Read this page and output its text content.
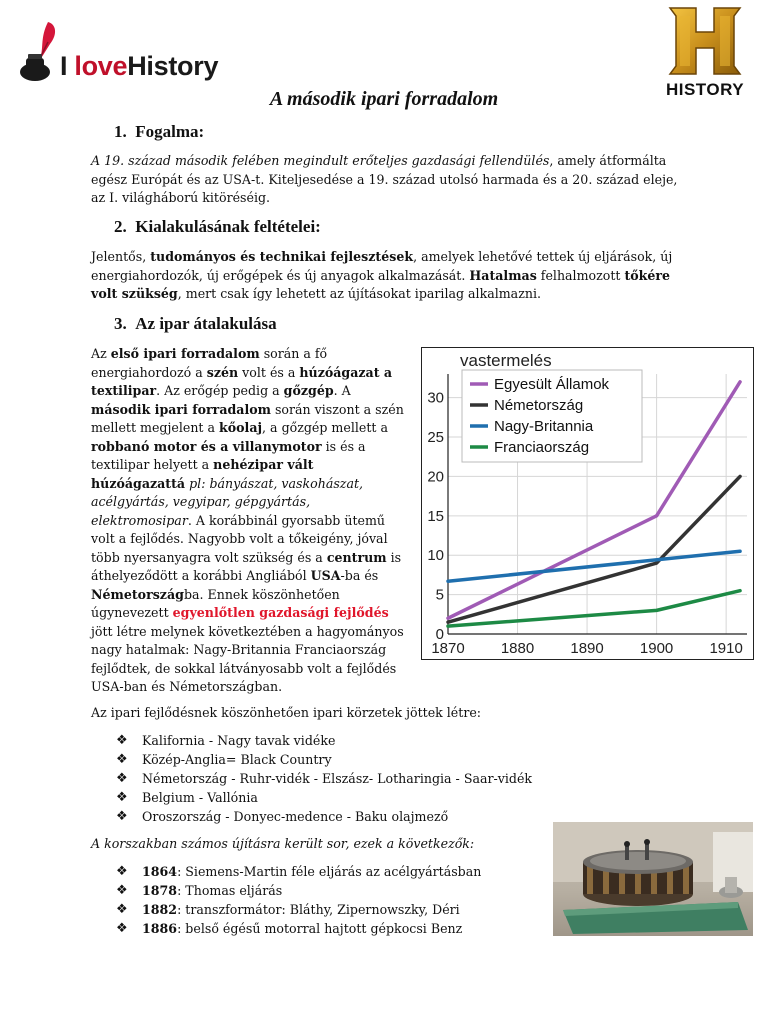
I loveHistory
HISTORY
A második ipari forradalom
1. Fogalma:
A 19. század második felében megindult erőteljes gazdasági fellendülés, amely átformálta egész Európát és az USA-t. Kiteljesedése a 19. század utolsó harmada és a 20. század eleje, az I. világháború kitöréséig.
2. Kialakulásának feltételei:
Jelentős, tudományos és technikai fejlesztések, amelyek lehetővé tettek új eljárások, új energiahordozók, új erőgépek és új anyagok alkalmazását. Hatalmas felhalmozott tőkére volt szükség, mert csak így lehetett az újításokat iparilag alkalmazni.
3. Az ipar átalakulása
Az első ipari forradalom során a fő energiahordozó a szén volt és a húzóágazat a textilipar. Az erőgép pedig a gőzgép. A második ipari forradalom során viszont a szén mellett megjelent a kőolaj, a gőzgép mellett a robbanó motor és a villanymotor is és a textilipar helyett a nehézipar vált húzóágazattá pl: bányászat, vaskohászat, acélgyártás, vegyipar, gépgyártás, elektromosipar. A korábbinál gyorsabb ütemű volt a fejlődés. Nagyobb volt a tőkeigény, jóval több nyersanyagra volt szükség és a centrum is áthelyeződött a korábbi Angliából USA-ba és Németországba. Ennek köszönhetően úgynevezett egyenlőtlen gazdasági fejlődés jött létre melynek következtében a hagyományos nagy hatalmak: Nagy-Britannia Franciaország fejlődtek, de sokkal látványosabb volt a fejlődés USA-ban és Németországban.
0
5
10
15
20
25
30
1870 1880 1890 1900 1910
Egyesült Államok
Németország
Nagy-Britannia
Franciaország
vastermelés
Az ipari fejlődésnek köszönhetően ipari körzetek jöttek létre:
❖ Kalifornia - Nagy tavak vidéke
❖ Közép-Anglia= Black Country
❖ Németország - Ruhr-vidék - Elszász- Lotharingia - Saar-vidék
❖ Belgium - Vallónia
❖ Oroszország - Donyec-medence - Baku olajmező
A korszakban számos újításra került sor, ezek a következők:
❖ 1864: Siemens-Martin féle eljárás az acélgyártásban
❖ 1878: Thomas eljárás
❖ 1882: transzformátor: Bláthy, Zipernowszky, Déri
❖ 1886: belső égésű motorral hajtott gépkocsi Benz
